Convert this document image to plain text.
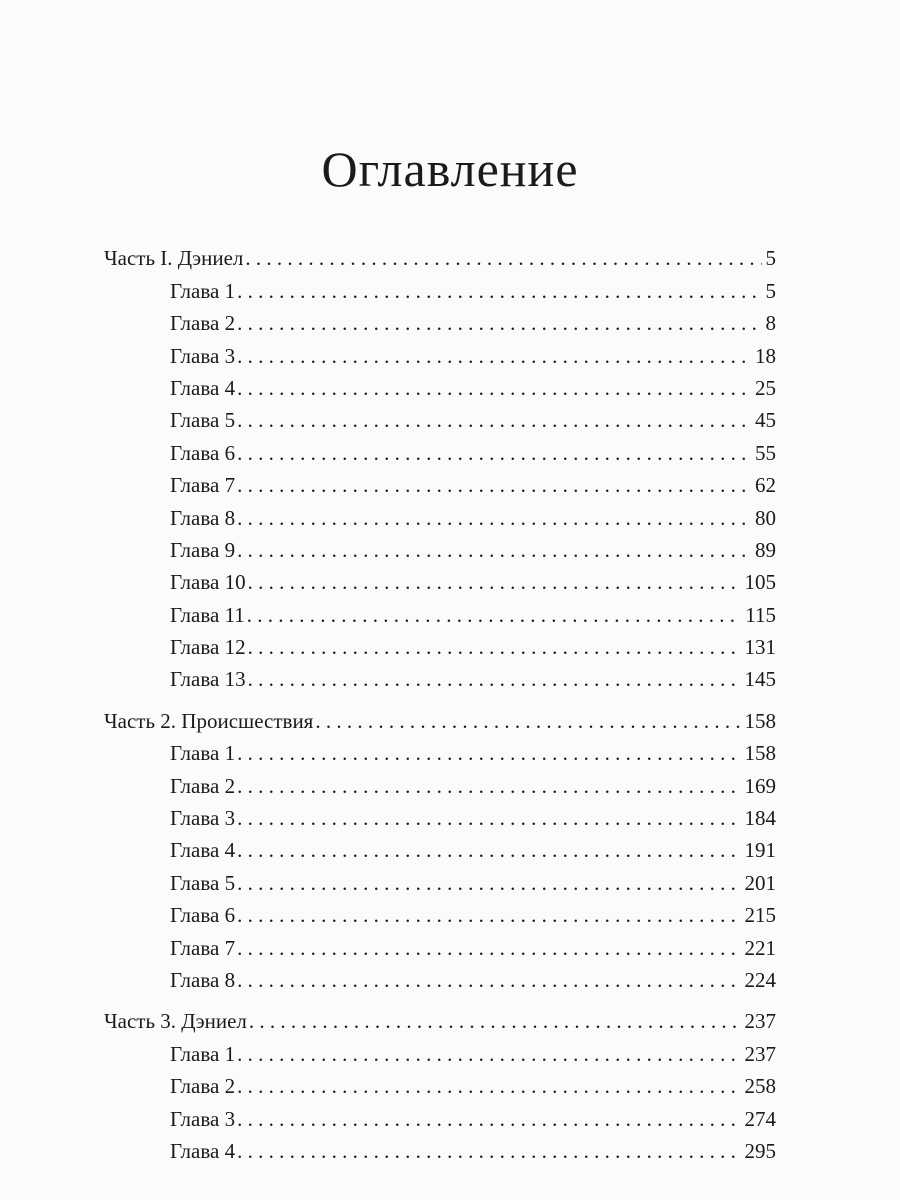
Оглавление
Часть I. Дэниел . . .	5
Глава 1 . . .	5
Глава 2 . . .	8
Глава 3 . . .	18
Глава 4 . . .	25
Глава 5 . . .	45
Глава 6 . . .	55
Глава 7 . . .	62
Глава 8 . . .	80
Глава 9 . . .	89
Глава 10 . . .	105
Глава 11 . . .	115
Глава 12 . . .	131
Глава 13 . . .	145
Часть 2. Происшествия . . .	158
Глава 1 . . .	158
Глава 2 . . .	169
Глава 3 . . .	184
Глава 4 . . .	191
Глава 5 . . .	201
Глава 6 . . .	215
Глава 7 . . .	221
Глава 8 . . .	224
Часть 3. Дэниел . . .	237
Глава 1 . . .	237
Глава 2 . . .	258
Глава 3 . . .	274
Глава 4 . . .	295
